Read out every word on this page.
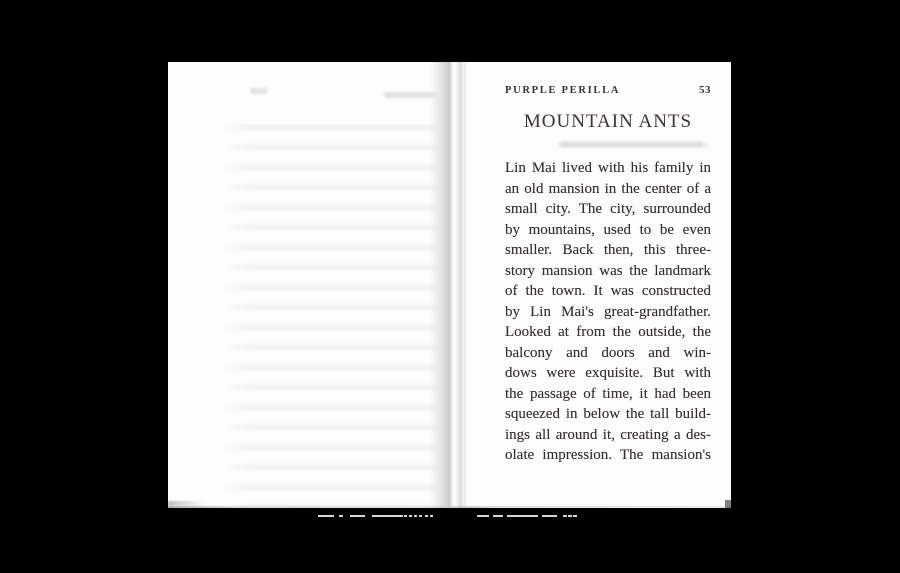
PURPLE PERILLA	53
MOUNTAIN ANTS
Lin Mai lived with his family in
an old mansion in the center of a
small city. The city, surrounded
by mountains, used to be even
smaller. Back then, this three-
story mansion was the landmark
of the town. It was constructed
by Lin Mai's great-grandfather.
Looked at from the outside, the
balcony and doors and win-
dows were exquisite. But with
the passage of time, it had been
squeezed in below the tall build-
ings all around it, creating a des-
olate impression. The mansion's
